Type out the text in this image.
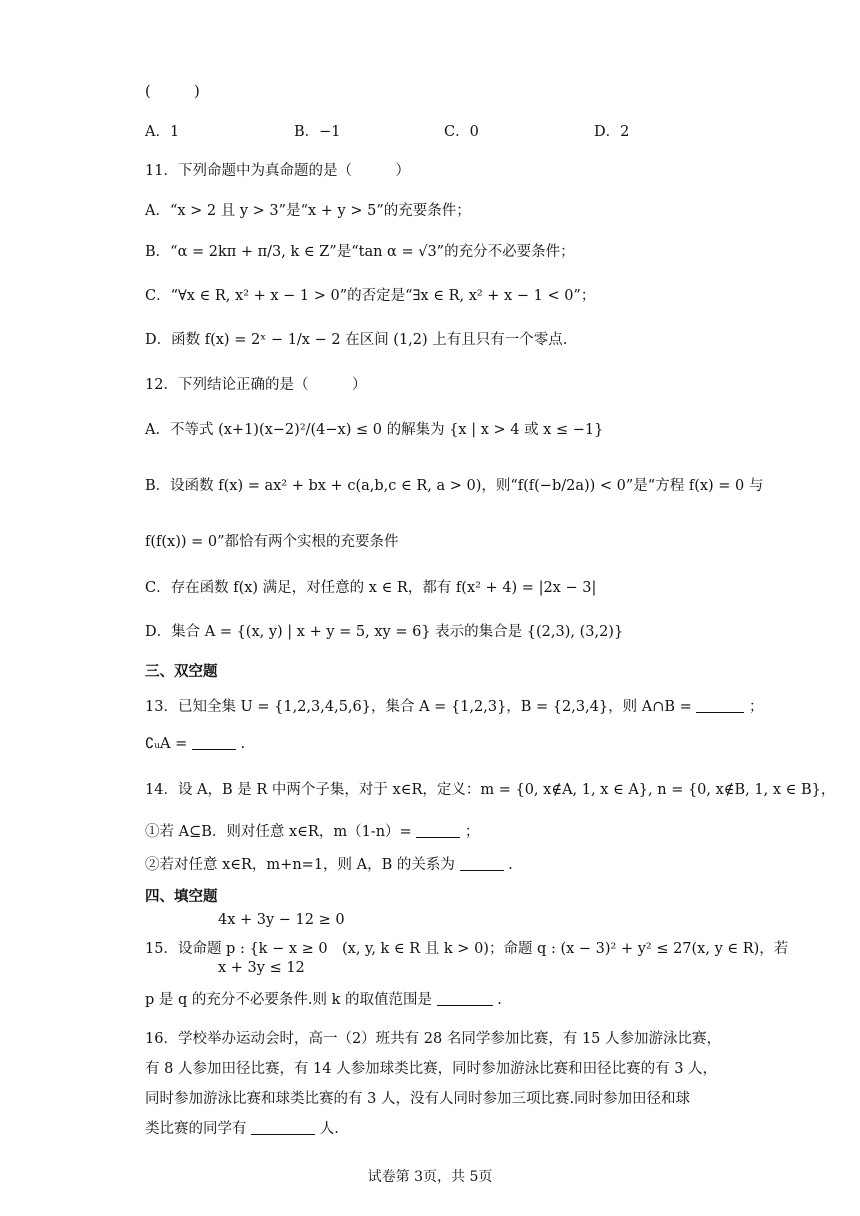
(　　　)
A．1	B．−1	C．0	D．2
11．下列命题中为真命题的是（　　　）
A．“x > 2 且 y > 3”是“x + y > 5”的充要条件；
B．“α = 2kπ + π/3, k ∈ Z”是“tan α = √3”的充分不必要条件；
C．“∀x ∈ R, x² + x − 1 > 0”的否定是“∃x ∈ R, x² + x − 1 < 0”；
D．函数 f(x) = 2ˣ − 1/x − 2 在区间 (1,2) 上有且只有一个零点.
12．下列结论正确的是（　　　）
A．不等式 (x+1)(x−2)²/(4−x) ≤ 0 的解集为 {x | x > 4 或 x ≤ −1}
B．设函数 f(x) = ax² + bx + c(a,b,c ∈ R, a > 0)，则“f(f(−b/2a)) < 0”是“方程 f(x) = 0 与
f(f(x)) = 0”都恰有两个实根的充要条件
C．存在函数 f(x) 满足，对任意的 x ∈ R，都有 f(x² + 4) = |2x − 3|
D．集合 A = {(x, y) | x + y = 5, xy = 6} 表示的集合是 {(2,3), (3,2)}
三、双空题
13．已知全集 U = {1,2,3,4,5,6}，集合 A = {1,2,3}，B = {2,3,4}，则 A∩B =	；
∁ᵤA =	.
14．设 A，B 是 R 中两个子集，对于 x∈R，定义：m = {0, x∉A, 1, x ∈ A}, n = {0, x∉B, 1, x ∈ B}，
①若 A⊆B．则对任意 x∈R，m（1-n）=	；
②若对任意 x∈R，m+n=1，则 A，B 的关系为	.
四、填空题
4x + 3y − 12 ≥ 0
15．设命题 p : {k − x ≥ 0 (x, y, k ∈ R 且 k > 0)；命题 q : (x − 3)² + y² ≤ 27(x, y ∈ R)，若
x + 3y ≤ 12
p 是 q 的充分不必要条件.则 k 的取值范围是	.
16．学校举办运动会时，高一（2）班共有 28 名同学参加比赛，有 15 人参加游泳比赛，
有 8 人参加田径比赛，有 14 人参加球类比赛，同时参加游泳比赛和田径比赛的有 3 人，
同时参加游泳比赛和球类比赛的有 3 人，没有人同时参加三项比赛.同时参加田径和球
类比赛的同学有	人.
试卷第 3页，共 5页
